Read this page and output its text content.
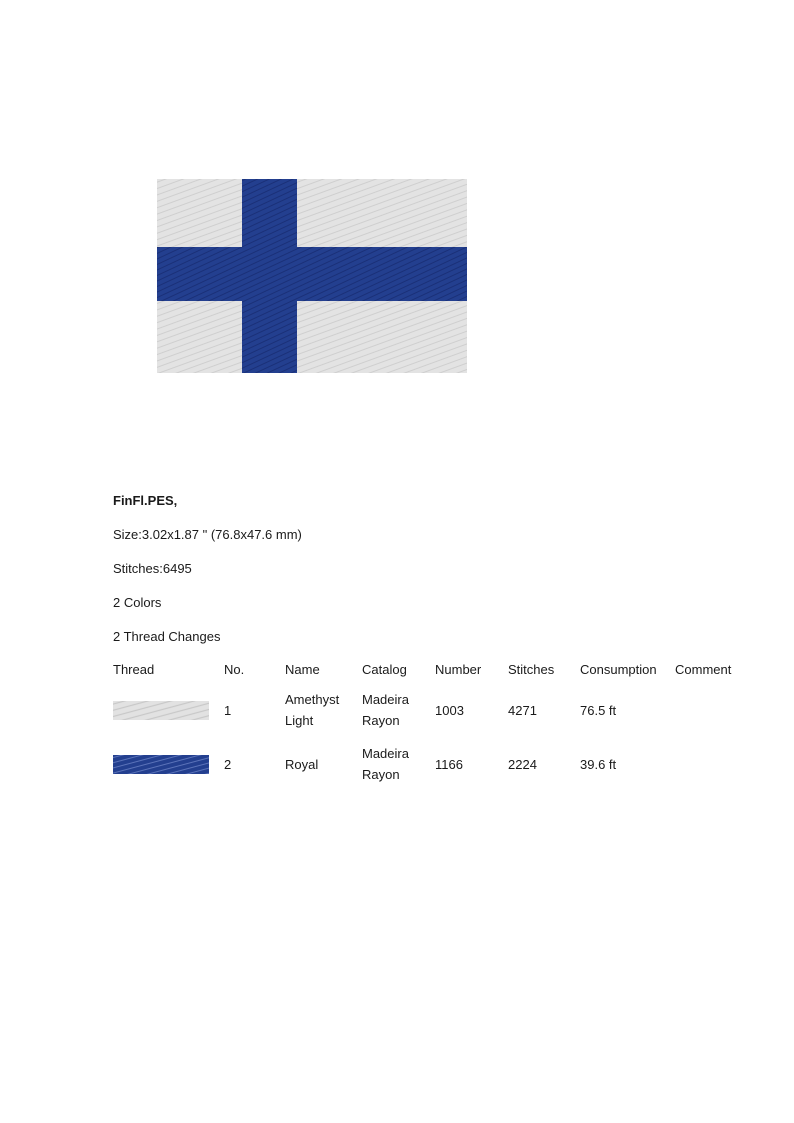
FinFl.PES,
Size:3.02x1.87 " (76.8x47.6 mm)
Stitches:6495
2 Colors
2 Thread Changes
Thread	No.	Name	Catalog	Number	Stitches	Consumption	Comment

	1	Amethyst
Light	Madeira
Rayon	1003	4271	76.5 ft	

	2	Royal	Madeira
Rayon	1166	2224	39.6 ft	
